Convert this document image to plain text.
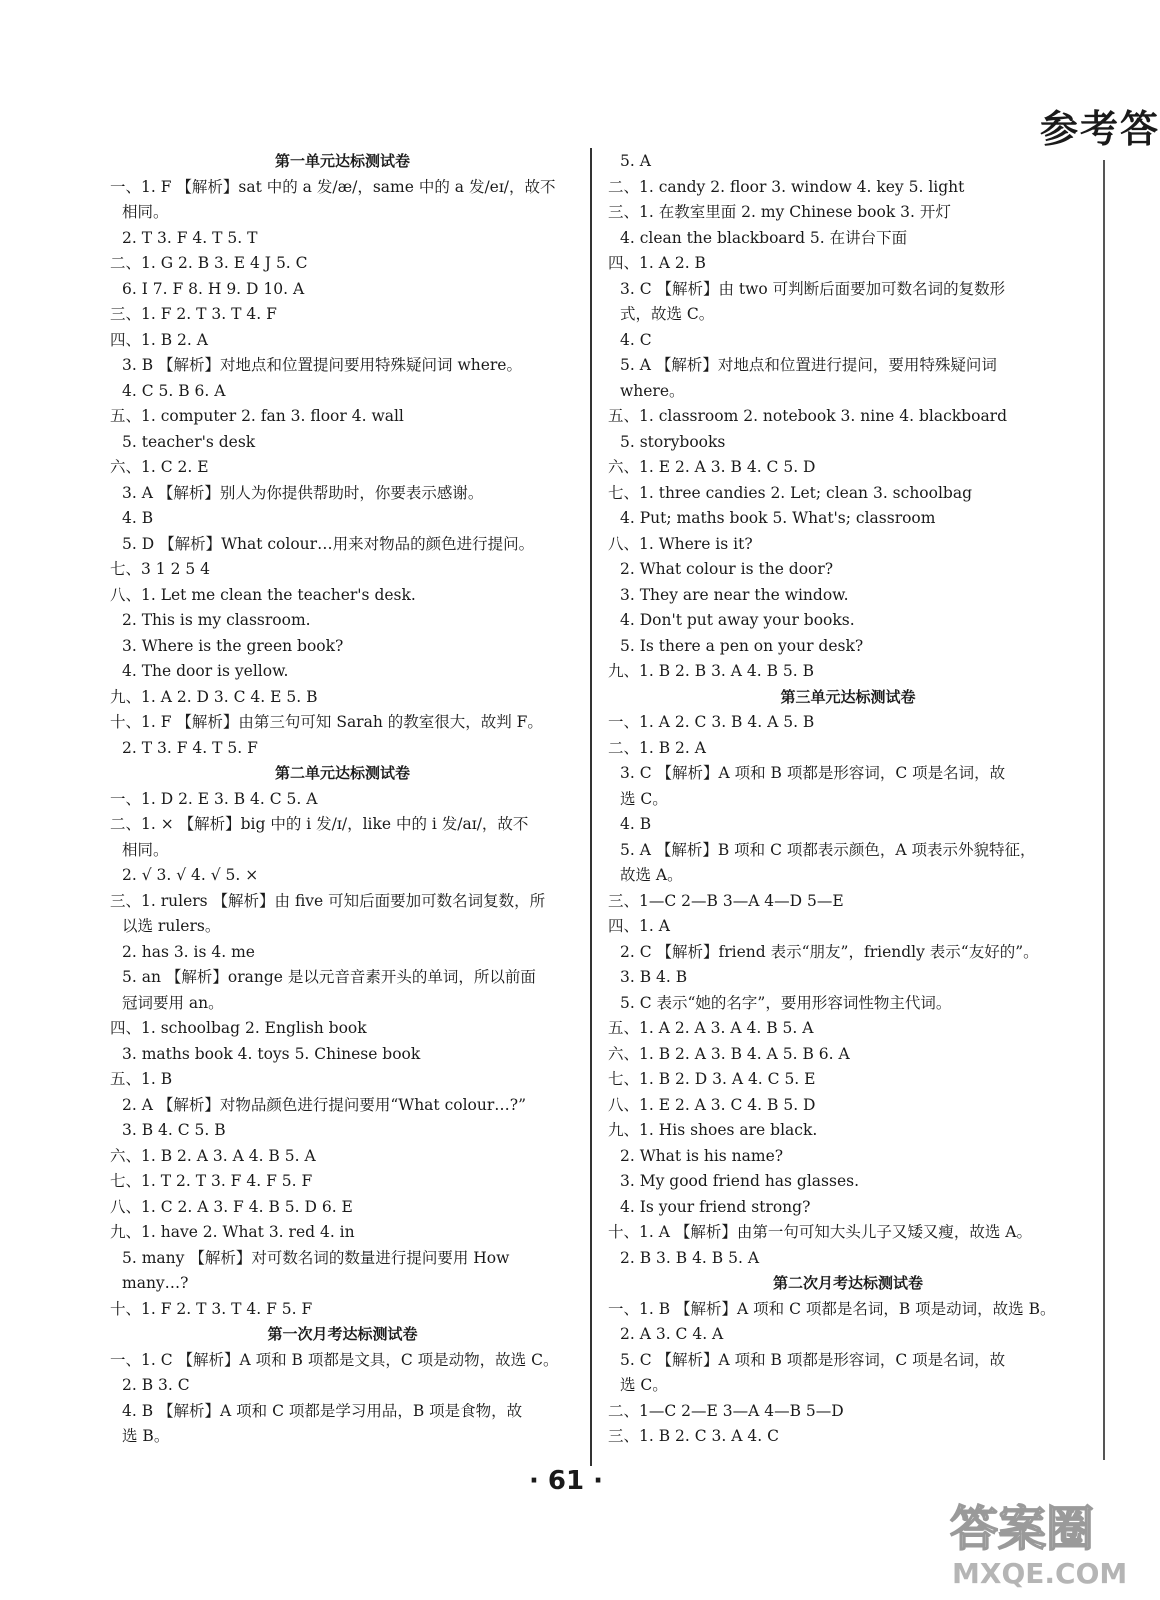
参考答
第一单元达标测试卷
一、1. F 【解析】sat 中的 a 发/æ/，same 中的 a 发/eɪ/，故不
相同。
2. T 3. F 4. T 5. T
二、1. G 2. B 3. E 4 J 5. C
6. I 7. F 8. H 9. D 10. A
三、1. F 2. T 3. T 4. F
四、1. B 2. A
3. B 【解析】对地点和位置提问要用特殊疑问词 where。
4. C 5. B 6. A
五、1. computer 2. fan 3. floor 4. wall
5. teacher's desk
六、1. C 2. E
3. A 【解析】别人为你提供帮助时，你要表示感谢。
4. B
5. D 【解析】What colour…用来对物品的颜色进行提问。
七、3 1 2 5 4
八、1. Let me clean the teacher's desk.
2. This is my classroom.
3. Where is the green book?
4. The door is yellow.
九、1. A 2. D 3. C 4. E 5. B
十、1. F 【解析】由第三句可知 Sarah 的教室很大，故判 F。
2. T 3. F 4. T 5. F
第二单元达标测试卷
一、1. D 2. E 3. B 4. C 5. A
二、1. × 【解析】big 中的 i 发/ɪ/，like 中的 i 发/aɪ/，故不
相同。
2. √ 3. √ 4. √ 5. ×
三、1. rulers 【解析】由 five 可知后面要加可数名词复数，所
以选 rulers。
2. has 3. is 4. me
5. an 【解析】orange 是以元音音素开头的单词，所以前面
冠词要用 an。
四、1. schoolbag 2. English book
3. maths book 4. toys 5. Chinese book
五、1. B
2. A 【解析】对物品颜色进行提问要用“What colour…?”
3. B 4. C 5. B
六、1. B 2. A 3. A 4. B 5. A
七、1. T 2. T 3. F 4. F 5. F
八、1. C 2. A 3. F 4. B 5. D 6. E
九、1. have 2. What 3. red 4. in
5. many 【解析】对可数名词的数量进行提问要用 How
many…?
十、1. F 2. T 3. T 4. F 5. F
第一次月考达标测试卷
一、1. C 【解析】A 项和 B 项都是文具，C 项是动物，故选 C。
2. B 3. C
4. B 【解析】A 项和 C 项都是学习用品，B 项是食物，故
选 B。
5. A
二、1. candy 2. floor 3. window 4. key 5. light
三、1. 在教室里面 2. my Chinese book 3. 开灯
4. clean the blackboard 5. 在讲台下面
四、1. A 2. B
3. C 【解析】由 two 可判断后面要加可数名词的复数形
式，故选 C。
4. C
5. A 【解析】对地点和位置进行提问，要用特殊疑问词
where。
五、1. classroom 2. notebook 3. nine 4. blackboard
5. storybooks
六、1. E 2. A 3. B 4. C 5. D
七、1. three candies 2. Let; clean 3. schoolbag
4. Put; maths book 5. What's; classroom
八、1. Where is it?
2. What colour is the door?
3. They are near the window.
4. Don't put away your books.
5. Is there a pen on your desk?
九、1. B 2. B 3. A 4. B 5. B
第三单元达标测试卷
一、1. A 2. C 3. B 4. A 5. B
二、1. B 2. A
3. C 【解析】A 项和 B 项都是形容词，C 项是名词，故
选 C。
4. B
5. A 【解析】B 项和 C 项都表示颜色，A 项表示外貌特征，
故选 A。
三、1—C 2—B 3—A 4—D 5—E
四、1. A
2. C 【解析】friend 表示“朋友”，friendly 表示“友好的”。
3. B 4. B
5. C 表示“她的名字”，要用形容词性物主代词。
五、1. A 2. A 3. A 4. B 5. A
六、1. B 2. A 3. B 4. A 5. B 6. A
七、1. B 2. D 3. A 4. C 5. E
八、1. E 2. A 3. C 4. B 5. D
九、1. His shoes are black.
2. What is his name?
3. My good friend has glasses.
4. Is your friend strong?
十、1. A 【解析】由第一句可知大头儿子又矮又瘦，故选 A。
2. B 3. B 4. B 5. A
第二次月考达标测试卷
一、1. B 【解析】A 项和 C 项都是名词，B 项是动词，故选 B。
2. A 3. C 4. A
5. C 【解析】A 项和 B 项都是形容词，C 项是名词，故
选 C。
二、1—C 2—E 3—A 4—B 5—D
三、1. B 2. C 3. A 4. C
· 61 ·
答案圈
MXQE.COM
